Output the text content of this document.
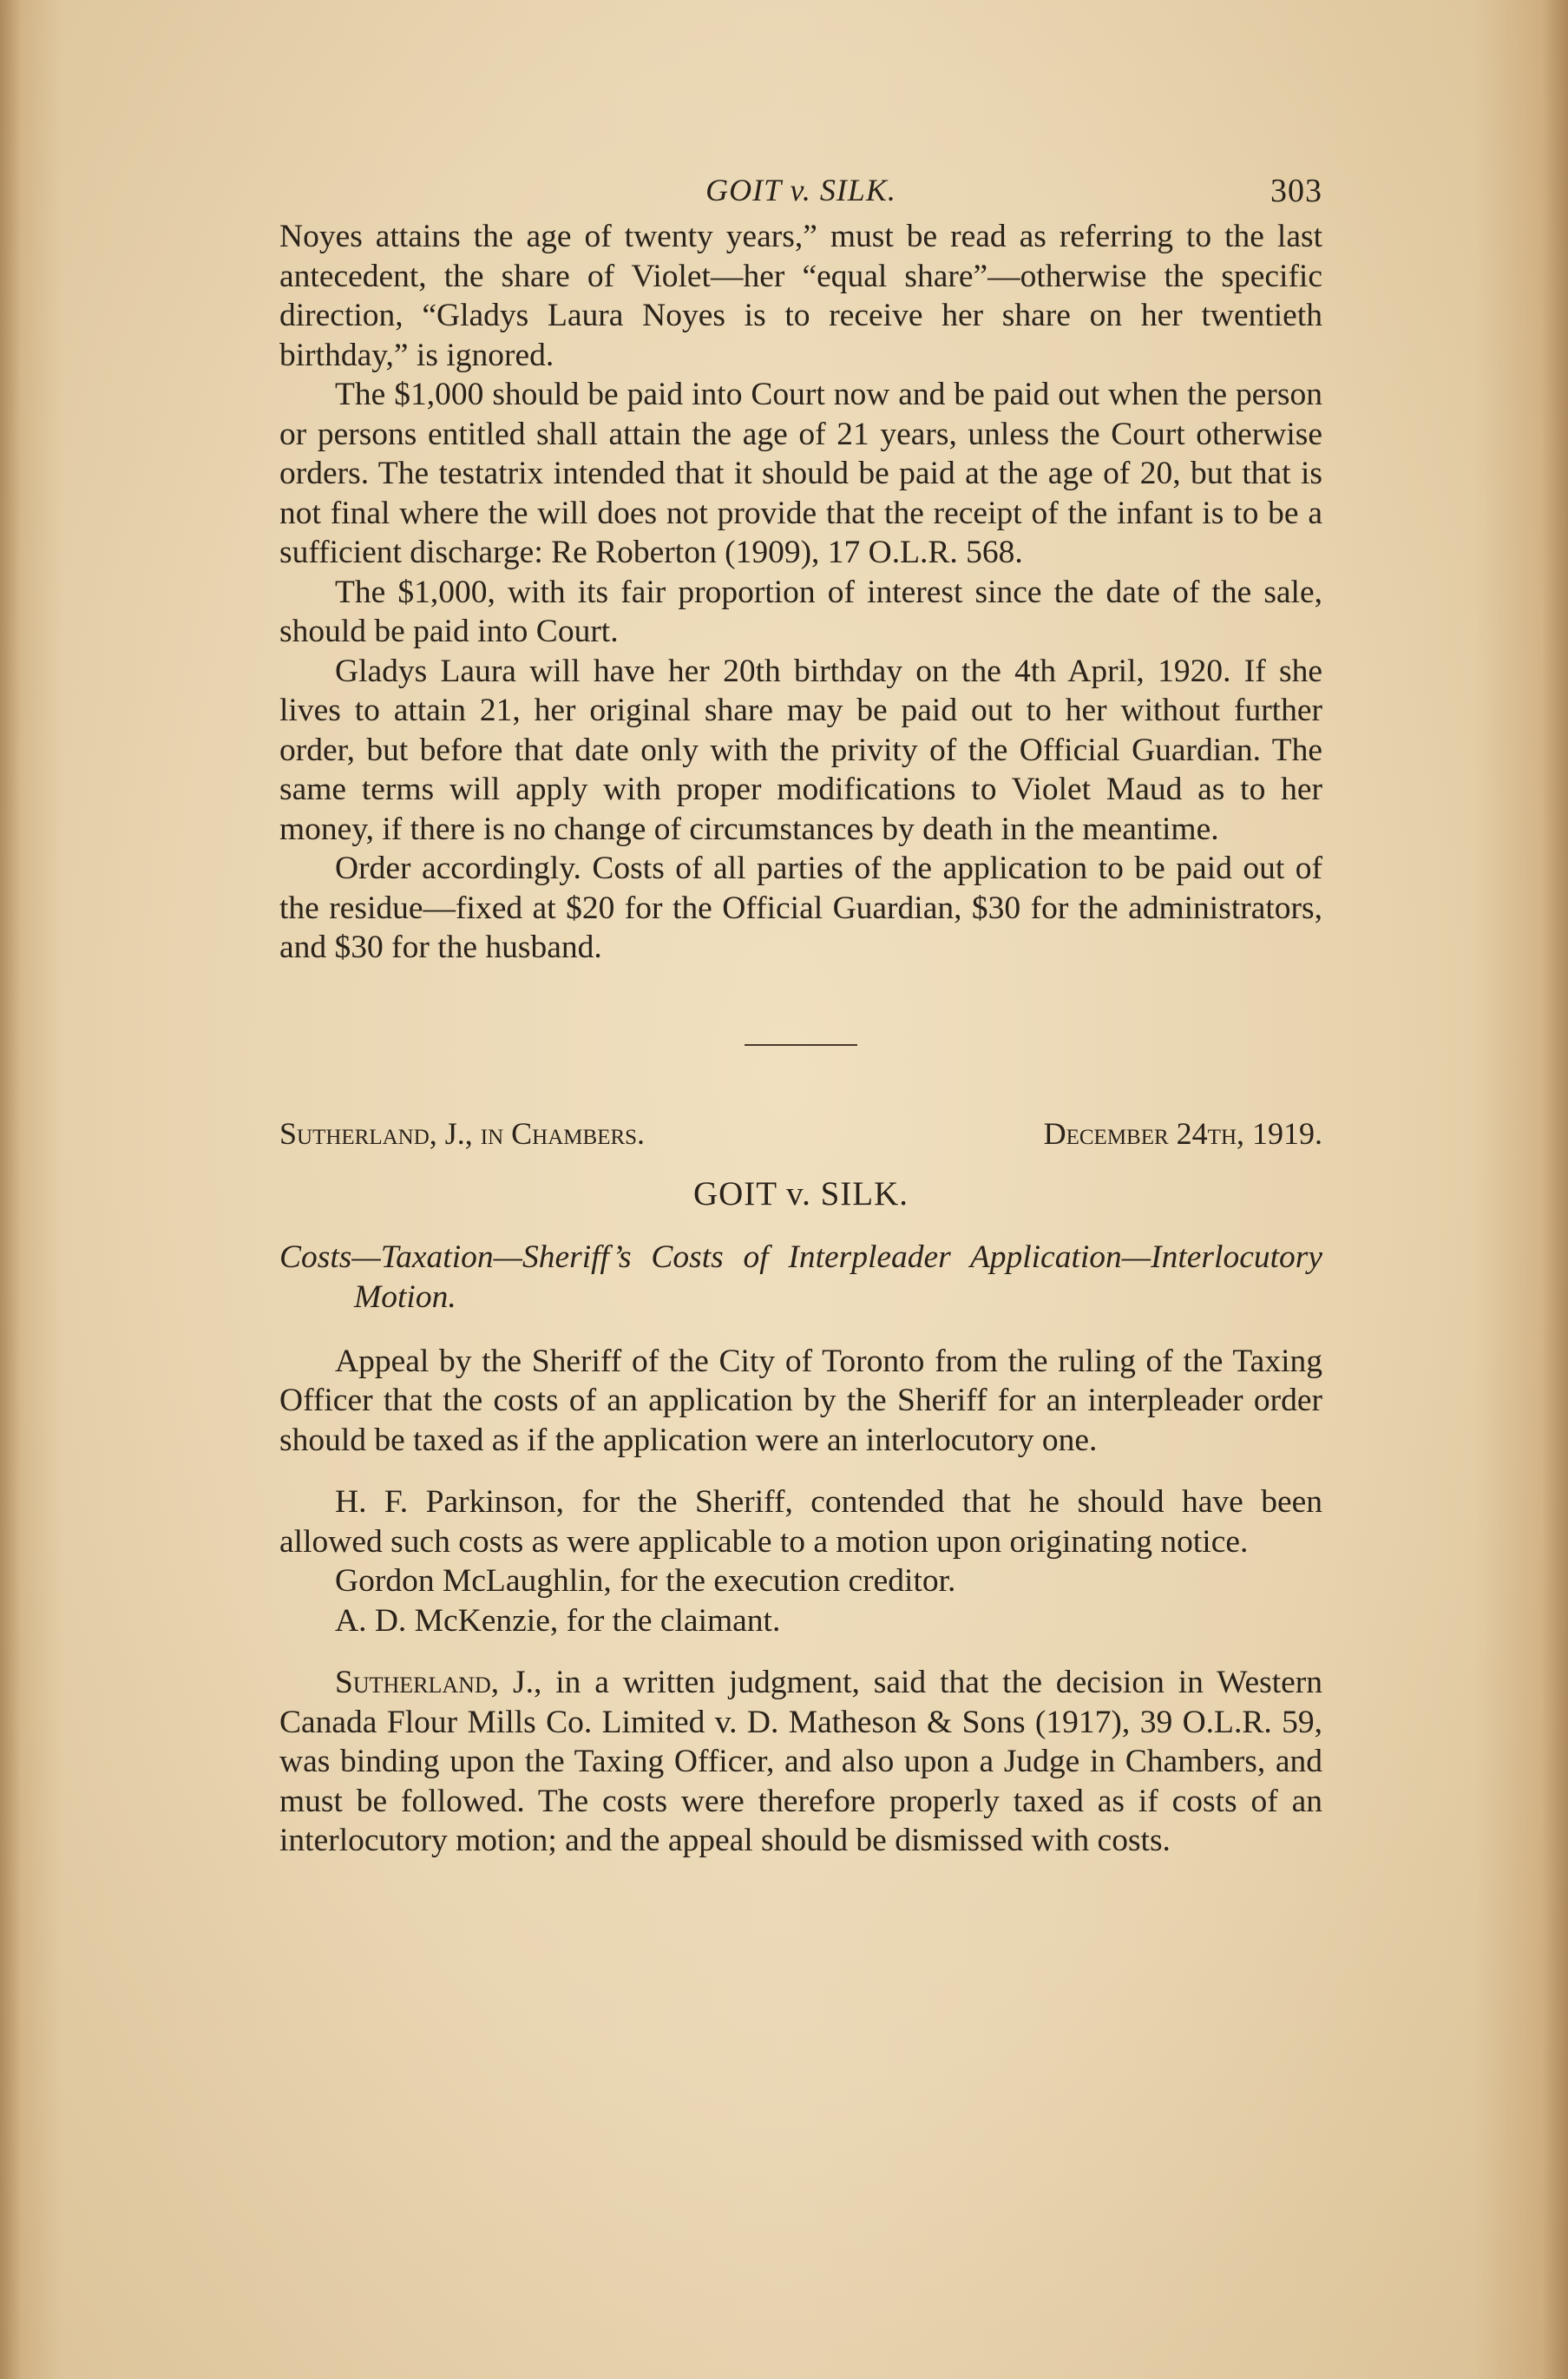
GOIT v. SILK.	303

Noyes attains the age of twenty years,” must be read as referring to the last antecedent, the share of Violet—her “equal share”—otherwise the specific direction, “Gladys Laura Noyes is to receive her share on her twentieth birthday,” is ignored.

The $1,000 should be paid into Court now and be paid out when the person or persons entitled shall attain the age of 21 years, unless the Court otherwise orders. The testatrix intended that it should be paid at the age of 20, but that is not final where the will does not provide that the receipt of the infant is to be a sufficient discharge: Re Roberton (1909), 17 O.L.R. 568.

The $1,000, with its fair proportion of interest since the date of the sale, should be paid into Court.

Gladys Laura will have her 20th birthday on the 4th April, 1920. If she lives to attain 21, her original share may be paid out to her without further order, but before that date only with the privity of the Official Guardian. The same terms will apply with proper modifications to Violet Maud as to her money, if there is no change of circumstances by death in the meantime.

Order accordingly. Costs of all parties of the application to be paid out of the residue—fixed at $20 for the Official Guardian, $30 for the administrators, and $30 for the husband.

Sutherland, J., in Chambers.	December 24th, 1919.
GOIT v. SILK.
Costs—Taxation—Sheriff’s Costs of Interpleader Application—Interlocutory Motion.

Appeal by the Sheriff of the City of Toronto from the ruling of the Taxing Officer that the costs of an application by the Sheriff for an interpleader order should be taxed as if the application were an interlocutory one.

H. F. Parkinson, for the Sheriff, contended that he should have been allowed such costs as were applicable to a motion upon originating notice.

Gordon McLaughlin, for the execution creditor.

A. D. McKenzie, for the claimant.

Sutherland, J., in a written judgment, said that the decision in Western Canada Flour Mills Co. Limited v. D. Matheson & Sons (1917), 39 O.L.R. 59, was binding upon the Taxing Officer, and also upon a Judge in Chambers, and must be followed. The costs were therefore properly taxed as if costs of an interlocutory motion; and the appeal should be dismissed with costs.
